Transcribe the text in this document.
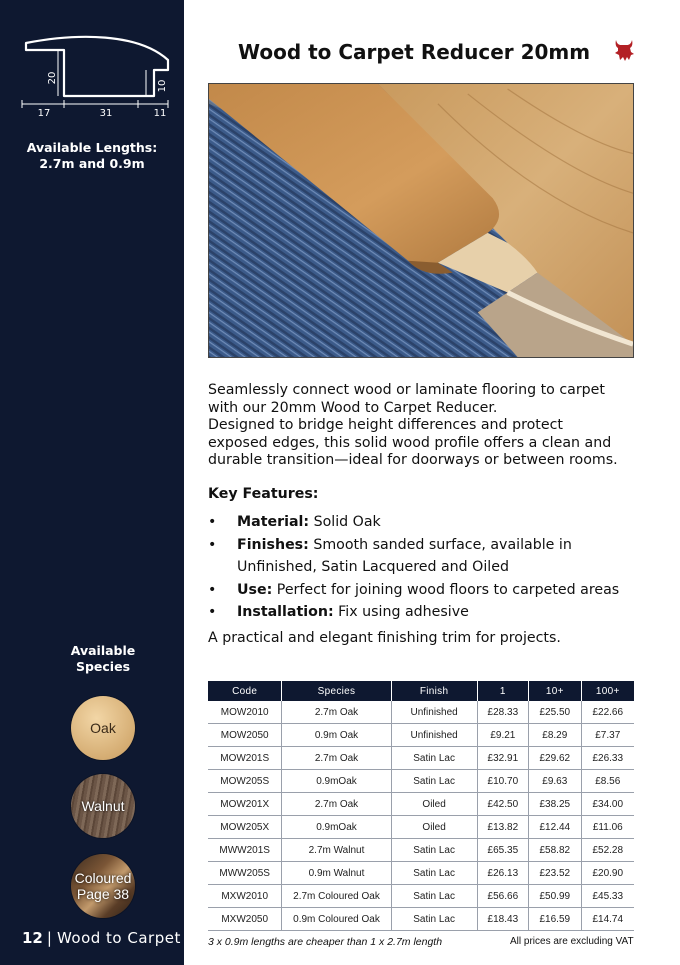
20
10
17	31	11
Available Lengths:
2.7m and 0.9m
Available
Species
Oak
Walnut
Coloured
Page 38
12 | Wood to Carpet
Wood to Carpet Reducer 20mm
Seamlessly connect wood or laminate flooring to carpet
with our 20mm Wood to Carpet Reducer.
Designed to bridge height differences and protect
exposed edges, this solid wood profile offers a clean and
durable transition—ideal for doorways or between rooms.
Key Features:
• Material: Solid Oak
• Finishes: Smooth sanded surface, available in Unfinished, Satin Lacquered and Oiled
• Use: Perfect for joining wood floors to carpeted areas
• Installation: Fix using adhesive
A practical and elegant finishing trim for projects.
Code	Species	Finish	1	10+	100+
MOW2010	2.7m Oak	Unfinished	£28.33	£25.50	£22.66
MOW2050	0.9m Oak	Unfinished	£9.21	£8.29	£7.37
MOW201S	2.7m Oak	Satin Lac	£32.91	£29.62	£26.33
MOW205S	0.9mOak	Satin Lac	£10.70	£9.63	£8.56
MOW201X	2.7m Oak	Oiled	£42.50	£38.25	£34.00
MOW205X	0.9mOak	Oiled	£13.82	£12.44	£11.06
MWW201S	2.7m Walnut	Satin Lac	£65.35	£58.82	£52.28
MWW205S	0.9m Walnut	Satin Lac	£26.13	£23.52	£20.90
MXW2010	2.7m Coloured Oak	Satin Lac	£56.66	£50.99	£45.33
MXW2050	0.9m Coloured Oak	Satin Lac	£18.43	£16.59	£14.74
3 x 0.9m lengths are cheaper than 1 x 2.7m length	All prices are excluding VAT
